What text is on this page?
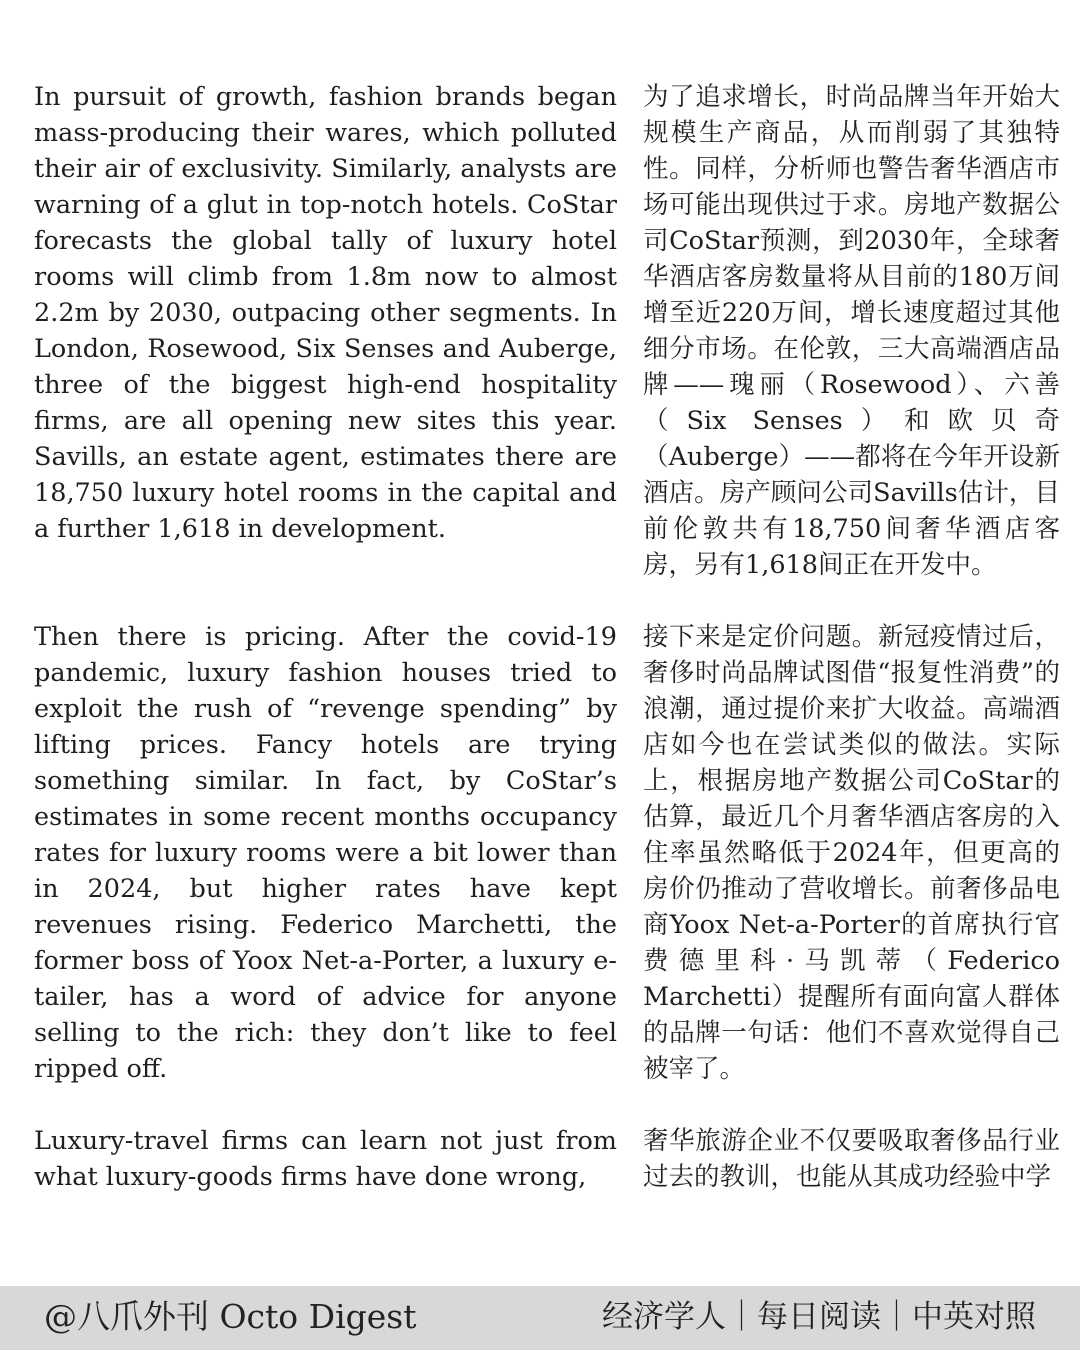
In pursuit of growth, fashion brands began mass-producing their wares, which polluted their air of exclusivity. Similarly, analysts are warning of a glut in top-notch hotels. CoStar forecasts the global tally of luxury hotel rooms will climb from 1.8m now to almost 2.2m by 2030, outpacing other segments. In London, Rosewood, Six Senses and Auberge, three of the biggest high-end hospitality firms, are all opening new sites this year. Savills, an estate agent, estimates there are 18,750 luxury hotel rooms in the capital and a further 1,618 in development.

为了追求增长，时尚品牌当年开始大规模生产商品，从而削弱了其独特性。同样，分析师也警告奢华酒店市场可能出现供过于求。房地产数据公司CoStar预测，到2030年，全球奢华酒店客房数量将从目前的180万间增至近220万间，增长速度超过其他细分市场。在伦敦，三大高端酒店品牌——瑰丽（Rosewood）、六善（Six Senses）和欧贝奇（Auberge）——都将在今年开设新酒店。房产顾问公司Savills估计，目前伦敦共有18,750间奢华酒店客房，另有1,618间正在开发中。

Then there is pricing. After the covid-19 pandemic, luxury fashion houses tried to exploit the rush of “revenge spending” by lifting prices. Fancy hotels are trying something similar. In fact, by CoStar’s estimates in some recent months occupancy rates for luxury rooms were a bit lower than in 2024, but higher rates have kept revenues rising. Federico Marchetti, the former boss of Yoox Net-a-Porter, a luxury e-tailer, has a word of advice for anyone selling to the rich: they don’t like to feel ripped off.

接下来是定价问题。新冠疫情过后，奢侈时尚品牌试图借“报复性消费”的浪潮，通过提价来扩大收益。高端酒店如今也在尝试类似的做法。实际上，根据房地产数据公司CoStar的估算，最近几个月奢华酒店客房的入住率虽然略低于2024年，但更高的房价仍推动了营收增长。前奢侈品电商Yoox Net-a-Porter的首席执行官费德里科·马凯蒂（Federico Marchetti）提醒所有面向富人群体的品牌一句话：他们不喜欢觉得自己被宰了。

Luxury-travel firms can learn not just from what luxury-goods firms have done wrong,

奢华旅游企业不仅要吸取奢侈品行业过去的教训，也能从其成功经验中学

@八爪外刊 Octo Digest	经济学人｜每日阅读｜中英对照
